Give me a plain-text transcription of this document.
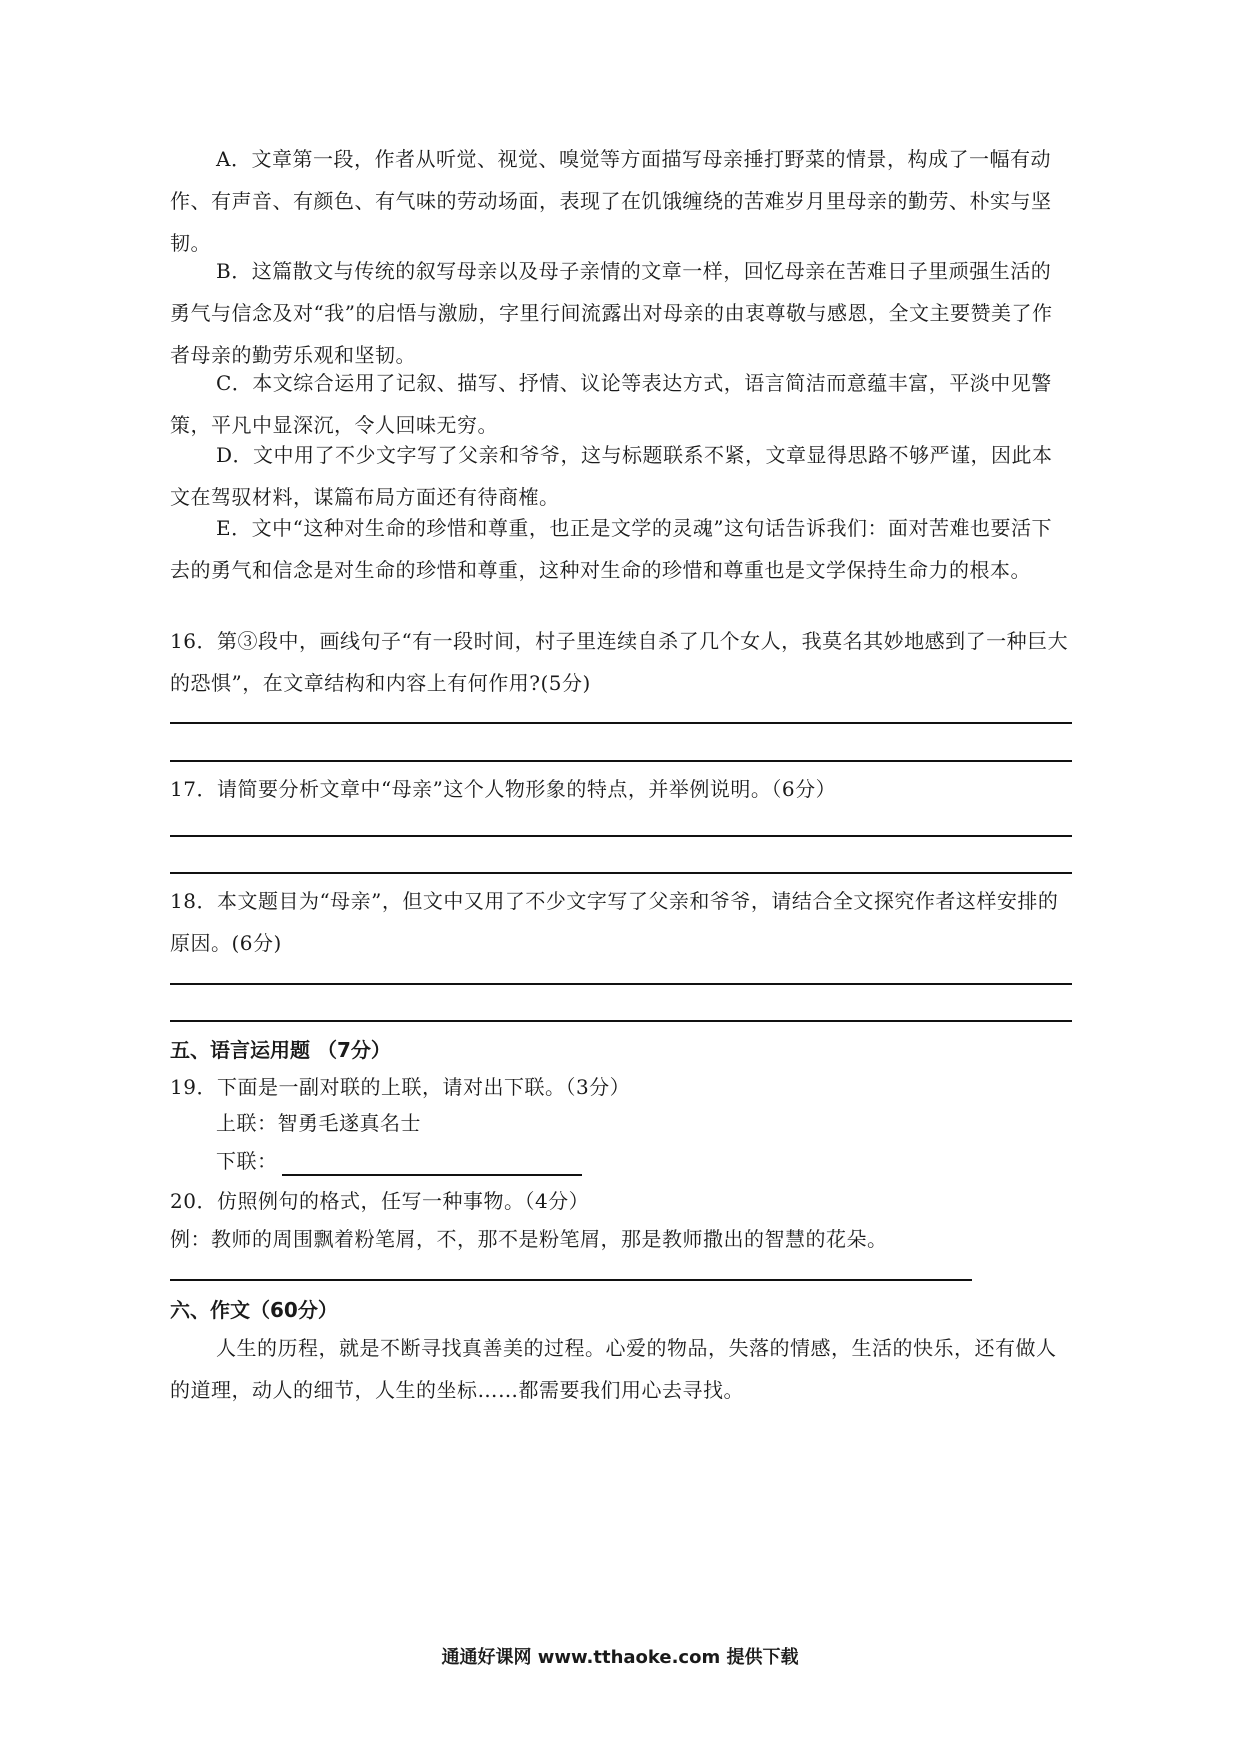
A．文章第一段，作者从听觉、视觉、嗅觉等方面描写母亲捶打野菜的情景，构成了一幅有动作、有声音、有颜色、有气味的劳动场面，表现了在饥饿缠绕的苦难岁月里母亲的勤劳、朴实与坚韧。

B．这篇散文与传统的叙写母亲以及母子亲情的文章一样，回忆母亲在苦难日子里顽强生活的勇气与信念及对“我”的启悟与激励，字里行间流露出对母亲的由衷尊敬与感恩，全文主要赞美了作者母亲的勤劳乐观和坚韧。

C．本文综合运用了记叙、描写、抒情、议论等表达方式，语言简洁而意蕴丰富，平淡中见警策，平凡中显深沉，令人回味无穷。

D．文中用了不少文字写了父亲和爷爷，这与标题联系不紧，文章显得思路不够严谨，因此本文在驾驭材料，谋篇布局方面还有待商榷。

E．文中“这种对生命的珍惜和尊重，也正是文学的灵魂”这句话告诉我们：面对苦难也要活下去的勇气和信念是对生命的珍惜和尊重，这种对生命的珍惜和尊重也是文学保持生命力的根本。

16．第③段中，画线句子“有一段时间，村子里连续自杀了几个女人，我莫名其妙地感到了一种巨大的恐惧”，在文章结构和内容上有何作用?(5分)

17．请简要分析文章中“母亲”这个人物形象的特点，并举例说明。（6分）

18．本文题目为“母亲”，但文中又用了不少文字写了父亲和爷爷，请结合全文探究作者这样安排的原因。(6分)

五、语言运用题 （7分）
19．下面是一副对联的上联，请对出下联。（3分）
上联：智勇毛遂真名士
下联：
20．仿照例句的格式，任写一种事物。（4分）
例：教师的周围飘着粉笔屑，不，那不是粉笔屑，那是教师撒出的智慧的花朵。
六、作文（60分）

人生的历程，就是不断寻找真善美的过程。心爱的物品，失落的情感，生活的快乐，还有做人的道理，动人的细节，人生的坐标……都需要我们用心去寻找。

通通好课网 www.tthaoke.com 提供下载
